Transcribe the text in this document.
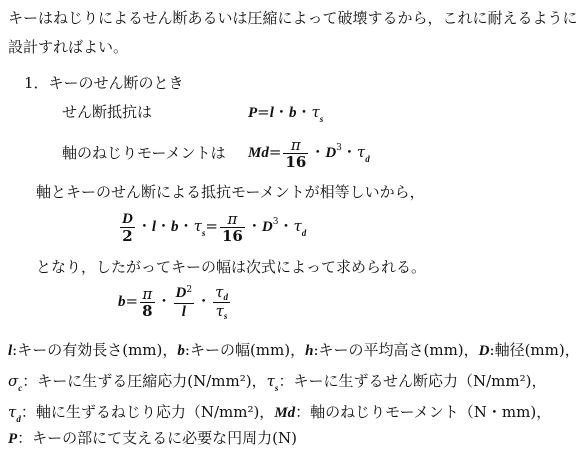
キーはねじりによるせん断あるいは圧縮によって破壊するから，これに耐えるように
設計すればよい。
1．キーのせん断のとき
せん断抵抗は	P=l・b・$\tau_s$
軸のねじりモーメントは $Md= \frac{\pi}{16}$ ・$D^3$・$\tau_d$
軸とキーのせん断による抵抗モーメントが相等しいから，
$\frac{D}{2}$ ・l・b・$\tau_s= \frac{\pi}{16}$ ・$D^3$・$\tau_d$
となり，したがってキーの幅は次式によって求められる。
$b= \frac{\pi}{8}$ ・ $\frac{D^2}{l}$ ・ $\frac{\tau_d}{\tau_s}$
l:キーの有効長さ(mm)，b:キーの幅(mm)，h:キーの平均高さ(mm)，D:軸径(mm)，
$\sigma_c$：キーに生ずる圧縮応力(N/mm²)，$\tau_s$：キーに生ずるせん断応力（N/mm²)，
$\tau_d$：軸に生ずるねじり応力（N/mm²)，Md：軸のねじりモーメント（N・mm)，
P：キーの部にて支えるに必要な円周力(N)
